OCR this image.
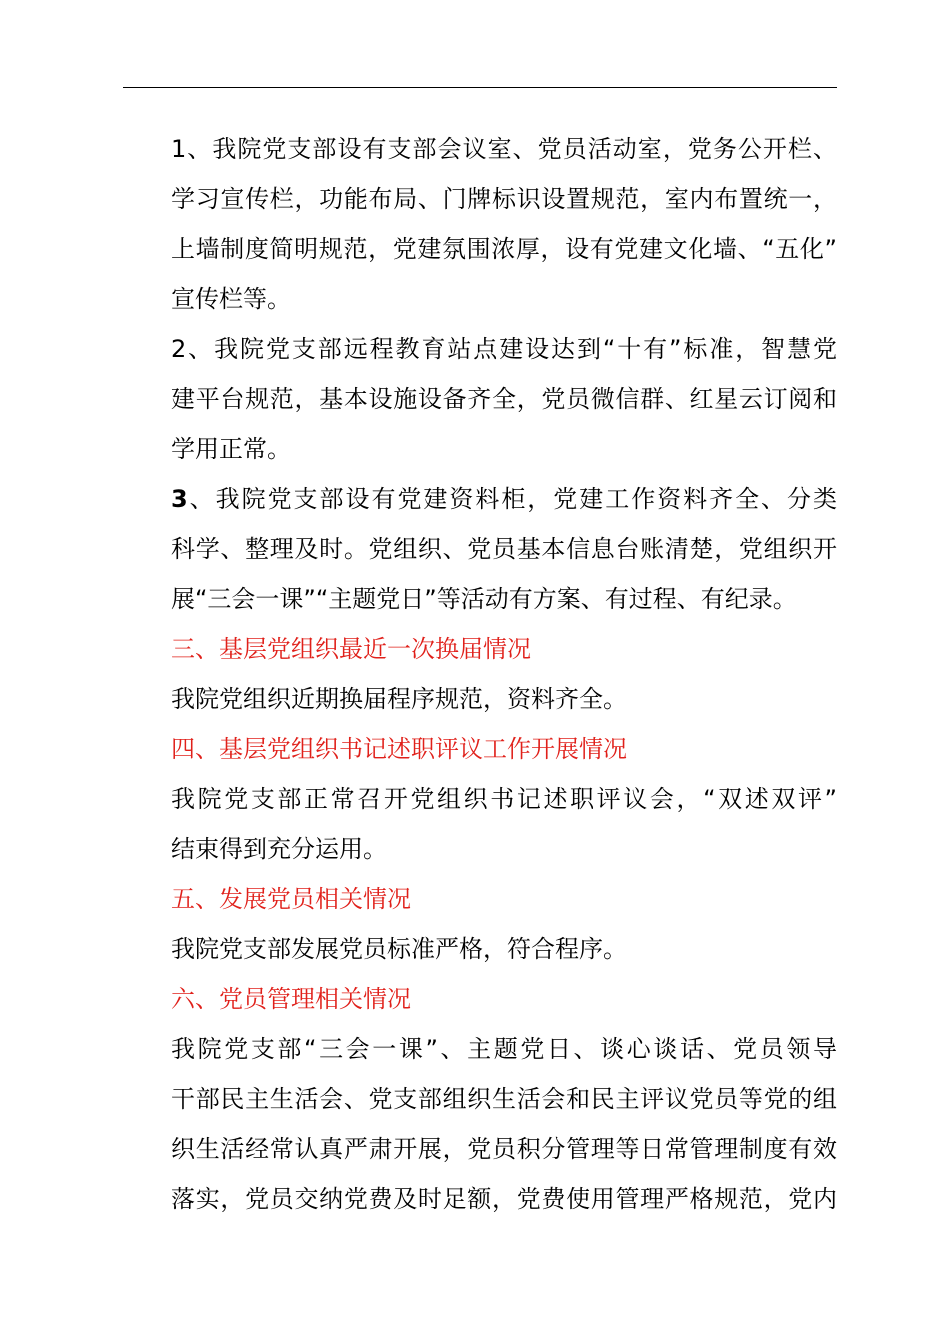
1、我院党支部设有支部会议室、党员活动室，党务公开栏、
学习宣传栏，功能布局、门牌标识设置规范，室内布置统一，
上墙制度简明规范，党建氛围浓厚，设有党建文化墙、“五化”
宣传栏等。
2、我院党支部远程教育站点建设达到“十有”标准，智慧党
建平台规范，基本设施设备齐全，党员微信群、红星云订阅和
学用正常。
3、我院党支部设有党建资料柜，党建工作资料齐全、分类
科学、整理及时。党组织、党员基本信息台账清楚，党组织开
展“三会一课”“主题党日”等活动有方案、有过程、有纪录。
三、基层党组织最近一次换届情况
我院党组织近期换届程序规范，资料齐全。
四、基层党组织书记述职评议工作开展情况
我院党支部正常召开党组织书记述职评议会，“双述双评”
结束得到充分运用。
五、发展党员相关情况
我院党支部发展党员标准严格，符合程序。
六、党员管理相关情况
我院党支部“三会一课”、主题党日、谈心谈话、党员领导
干部民主生活会、党支部组织生活会和民主评议党员等党的组
织生活经常认真严肃开展，党员积分管理等日常管理制度有效
落实，党员交纳党费及时足额，党费使用管理严格规范，党内
